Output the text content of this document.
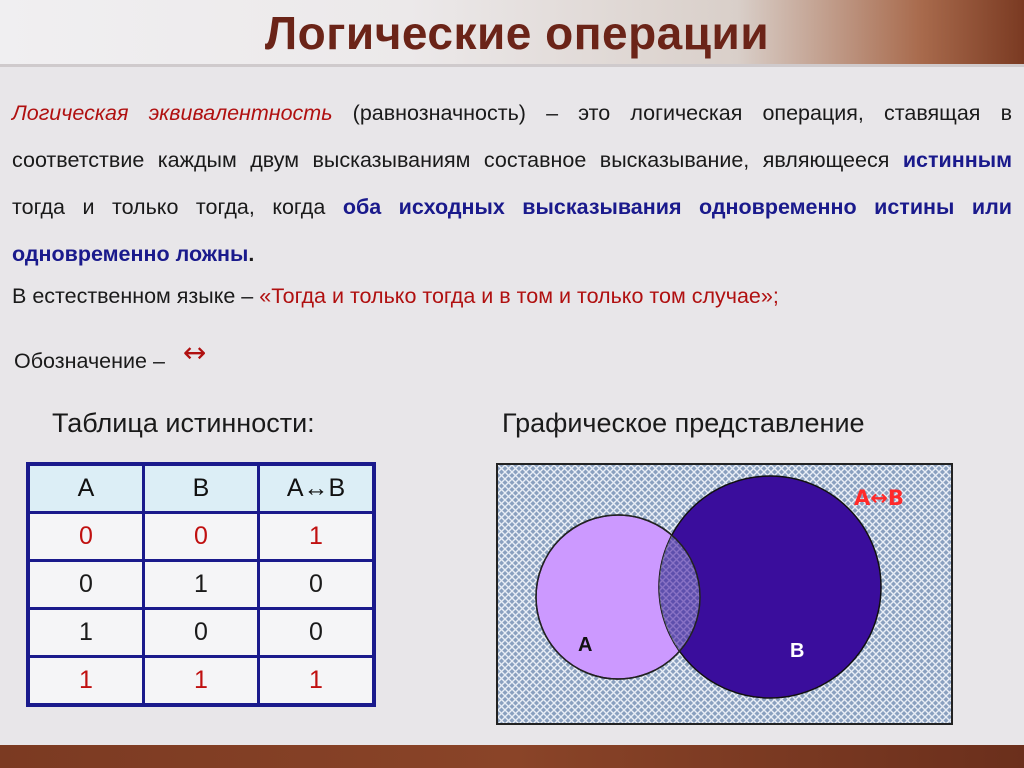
Логические операции
Логическая эквивалентность (равнозначность) – это логическая операция, ставящая в соответствие каждым двум высказываниям составное высказывание, являющееся истинным тогда и только тогда, когда оба исходных высказывания одновременно истины или одновременно ложны.
В естественном языке – «Тогда и только тогда и в том и только том случае»;
Обозначение – ↔
Таблица истинности:	Графическое представление
A	B	A↔B
0	0	1
0	1	0
1	0	0
1	1	1
A	B
A↔B
